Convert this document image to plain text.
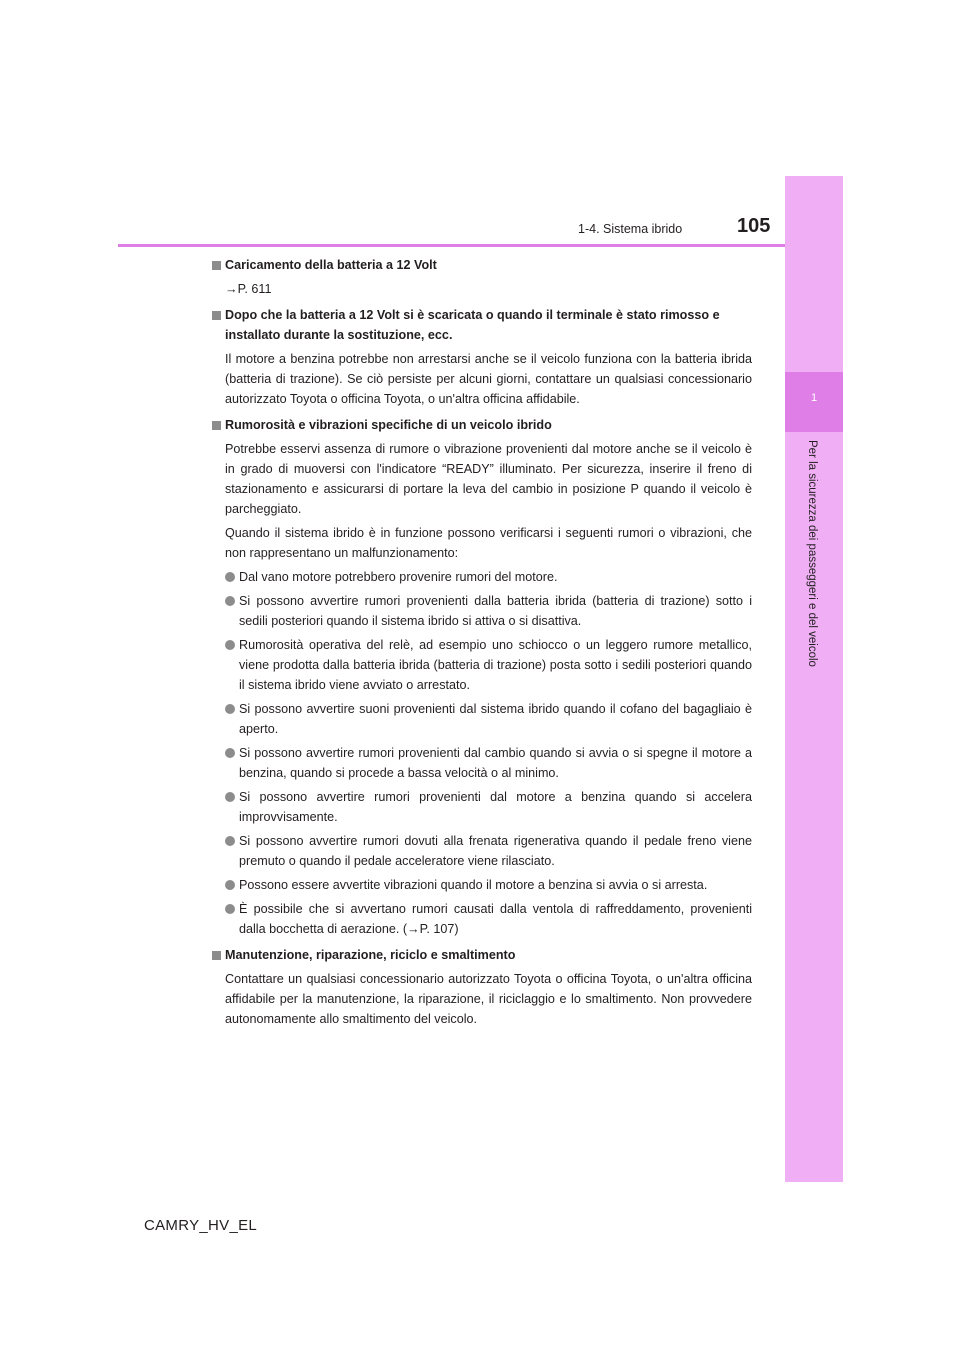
1
Per la sicurezza dei passeggeri e del veicolo
1-4. Sistema ibrido	105
Caricamento della batteria a 12 Volt
→P. 611
Dopo che la batteria a 12 Volt si è scaricata o quando il terminale è stato rimosso e installato durante la sostituzione, ecc.
Il motore a benzina potrebbe non arrestarsi anche se il veicolo funziona con la batteria ibrida (batteria di trazione). Se ciò persiste per alcuni giorni, contattare un qualsiasi concessionario autorizzato Toyota o officina Toyota, o un'altra officina affidabile.
Rumorosità e vibrazioni specifiche di un veicolo ibrido
Potrebbe esservi assenza di rumore o vibrazione provenienti dal motore anche se il veicolo è in grado di muoversi con l'indicatore “READY” illuminato. Per sicurezza, inserire il freno di stazionamento e assicurarsi di portare la leva del cambio in posizione P quando il veicolo è parcheggiato.
Quando il sistema ibrido è in funzione possono verificarsi i seguenti rumori o vibrazioni, che non rappresentano un malfunzionamento:
Dal vano motore potrebbero provenire rumori del motore.
Si possono avvertire rumori provenienti dalla batteria ibrida (batteria di trazione) sotto i sedili posteriori quando il sistema ibrido si attiva o si disattiva.
Rumorosità operativa del relè, ad esempio uno schiocco o un leggero rumore metallico, viene prodotta dalla batteria ibrida (batteria di trazione) posta sotto i sedili posteriori quando il sistema ibrido viene avviato o arrestato.
Si possono avvertire suoni provenienti dal sistema ibrido quando il cofano del bagagliaio è aperto.
Si possono avvertire rumori provenienti dal cambio quando si avvia o si spegne il motore a benzina, quando si procede a bassa velocità o al minimo.
Si possono avvertire rumori provenienti dal motore a benzina quando si accelera improvvisamente.
Si possono avvertire rumori dovuti alla frenata rigenerativa quando il pedale freno viene premuto o quando il pedale acceleratore viene rilasciato.
Possono essere avvertite vibrazioni quando il motore a benzina si avvia o si arresta.
È possibile che si avvertano rumori causati dalla ventola di raffreddamento, provenienti dalla bocchetta di aerazione. (→P. 107)
Manutenzione, riparazione, riciclo e smaltimento
Contattare un qualsiasi concessionario autorizzato Toyota o officina Toyota, o un'altra officina affidabile per la manutenzione, la riparazione, il riciclaggio e lo smaltimento. Non provvedere autonomamente allo smaltimento del veicolo.
CAMRY_HV_EL
